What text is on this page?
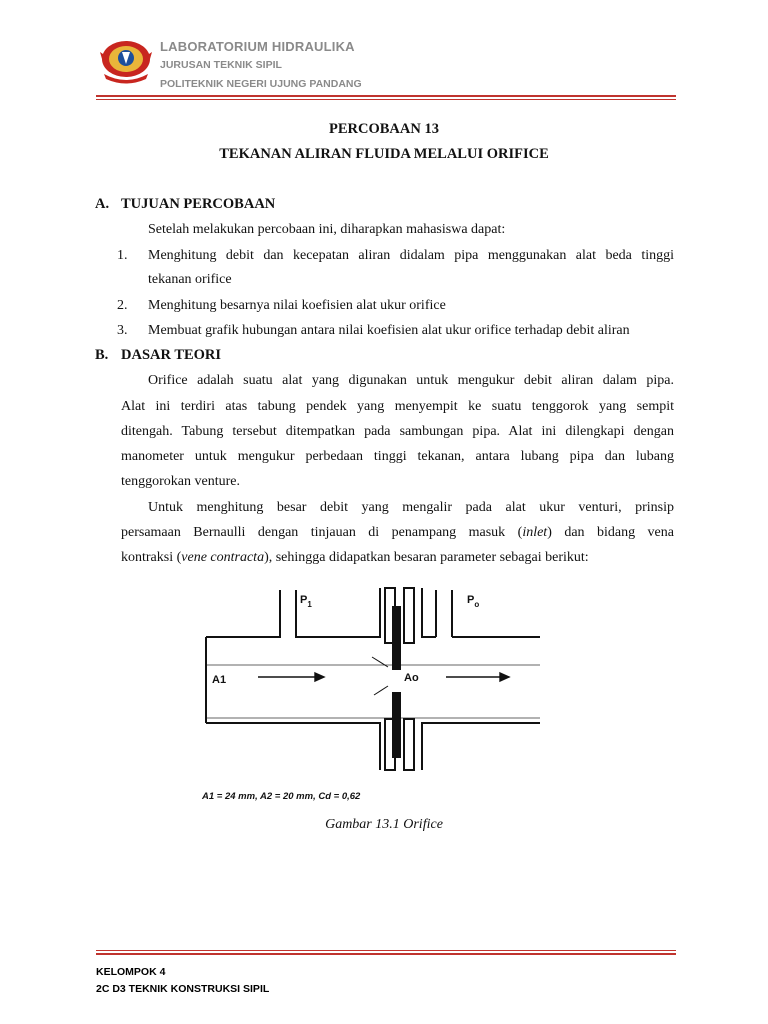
LABORATORIUM HIDRAULIKA
JURUSAN TEKNIK SIPIL
POLITEKNIK NEGERI UJUNG PANDANG
PERCOBAAN 13
TEKANAN ALIRAN FLUIDA MELALUI ORIFICE
A. TUJUAN PERCOBAAN
Setelah melakukan percobaan ini, diharapkan mahasiswa dapat:
1. Menghitung debit dan kecepatan aliran didalam pipa menggunakan alat beda tinggi
tekanan orifice
2. Menghitung besarnya nilai koefisien alat ukur orifice
3. Membuat grafik hubungan antara nilai koefisien alat ukur orifice terhadap debit aliran
B. DASAR TEORI
Orifice adalah suatu alat yang digunakan untuk mengukur debit aliran dalam pipa.
Alat ini terdiri atas tabung pendek yang menyempit ke suatu tenggorok yang sempit
ditengah. Tabung tersebut ditempatkan pada sambungan pipa. Alat ini dilengkapi dengan
manometer untuk mengukur perbedaan tinggi tekanan, antara lubang pipa dan lubang
tenggorokan venture.
Untuk menghitung besar debit yang mengalir pada alat ukur venturi, prinsip
persamaan Bernaulli dengan tinjauan di penampang masuk (inlet) dan bidang vena
kontraksi (vene contracta), sehingga didapatkan besaran parameter sebagai berikut:
$P_1$	$P_o$
A1	Ao
A1 = 24 mm, A2 = 20 mm, Cd = 0,62
Gambar 13.1 Orifice
KELOMPOK 4
2C D3 TEKNIK KONSTRUKSI SIPIL
